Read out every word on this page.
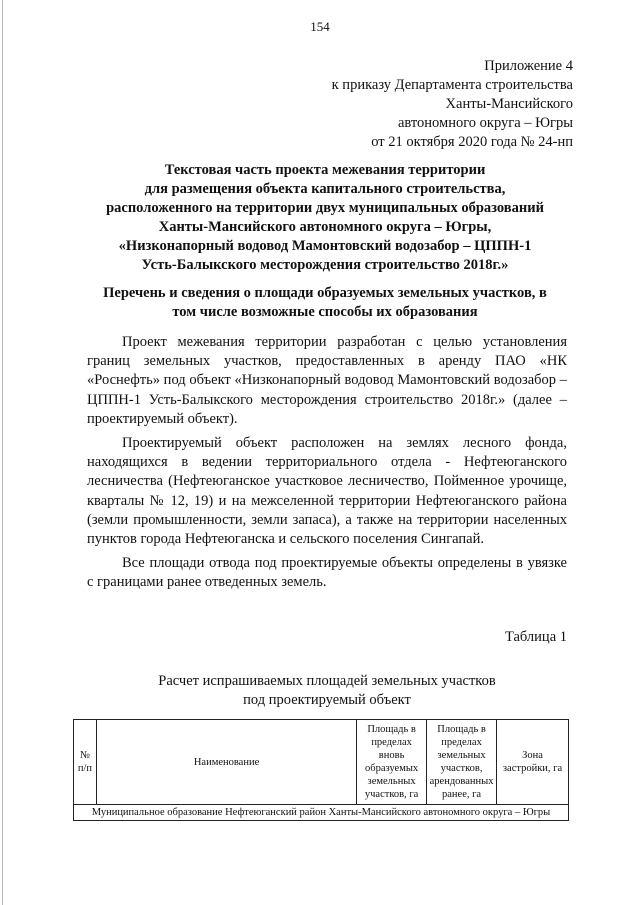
154
Приложение 4
к приказу Департамента строительства
Ханты-Мансийского
автономного округа – Югры
от 21 октября 2020 года № 24-нп
Текстовая часть проекта межевания территории
для размещения объекта капитального строительства,
расположенного на территории двух муниципальных образований
Ханты-Мансийского автономного округа – Югры,
«Низконапорный водовод Мамонтовский водозабор – ЦППН-1
Усть-Балыкского месторождения строительство 2018г.»
Перечень и сведения о площади образуемых земельных участков, в
том числе возможные способы их образования

Проект межевания территории разработан с целью установления границ земельных участков, предоставленных в аренду ПАО «НК «Роснефть» под объект «Низконапорный водовод Мамонтовский водозабор – ЦППН-1 Усть-Балыкского месторождения строительство 2018г.» (далее – проектируемый объект).

Проектируемый объект расположен на землях лесного фонда, находящихся в ведении территориального отдела - Нефтеюганского лесничества (Нефтеюганское участковое лесничество, Пойменное урочище, кварталы № 12, 19) и на межселенной территории Нефтеюганского района (земли промышленности, земли запаса), а также на территории населенных пунктов города Нефтеюганска и сельского поселения Сингапай.

Все площади отвода под проектируемые объекты определены в увязке с границами ранее отведенных земель.

Таблица 1
Расчет испрашиваемых площадей земельных участков
под проектируемый объект
№ п/п	Наименование	Площадь в пределах вновь образуемых земельных участков, га	Площадь в пределах земельных участков, арендованных ранее, га	Зона застройки, га
Муниципальное образование Нефтеюганский район Ханты-Мансийского автономного округа – Югры
